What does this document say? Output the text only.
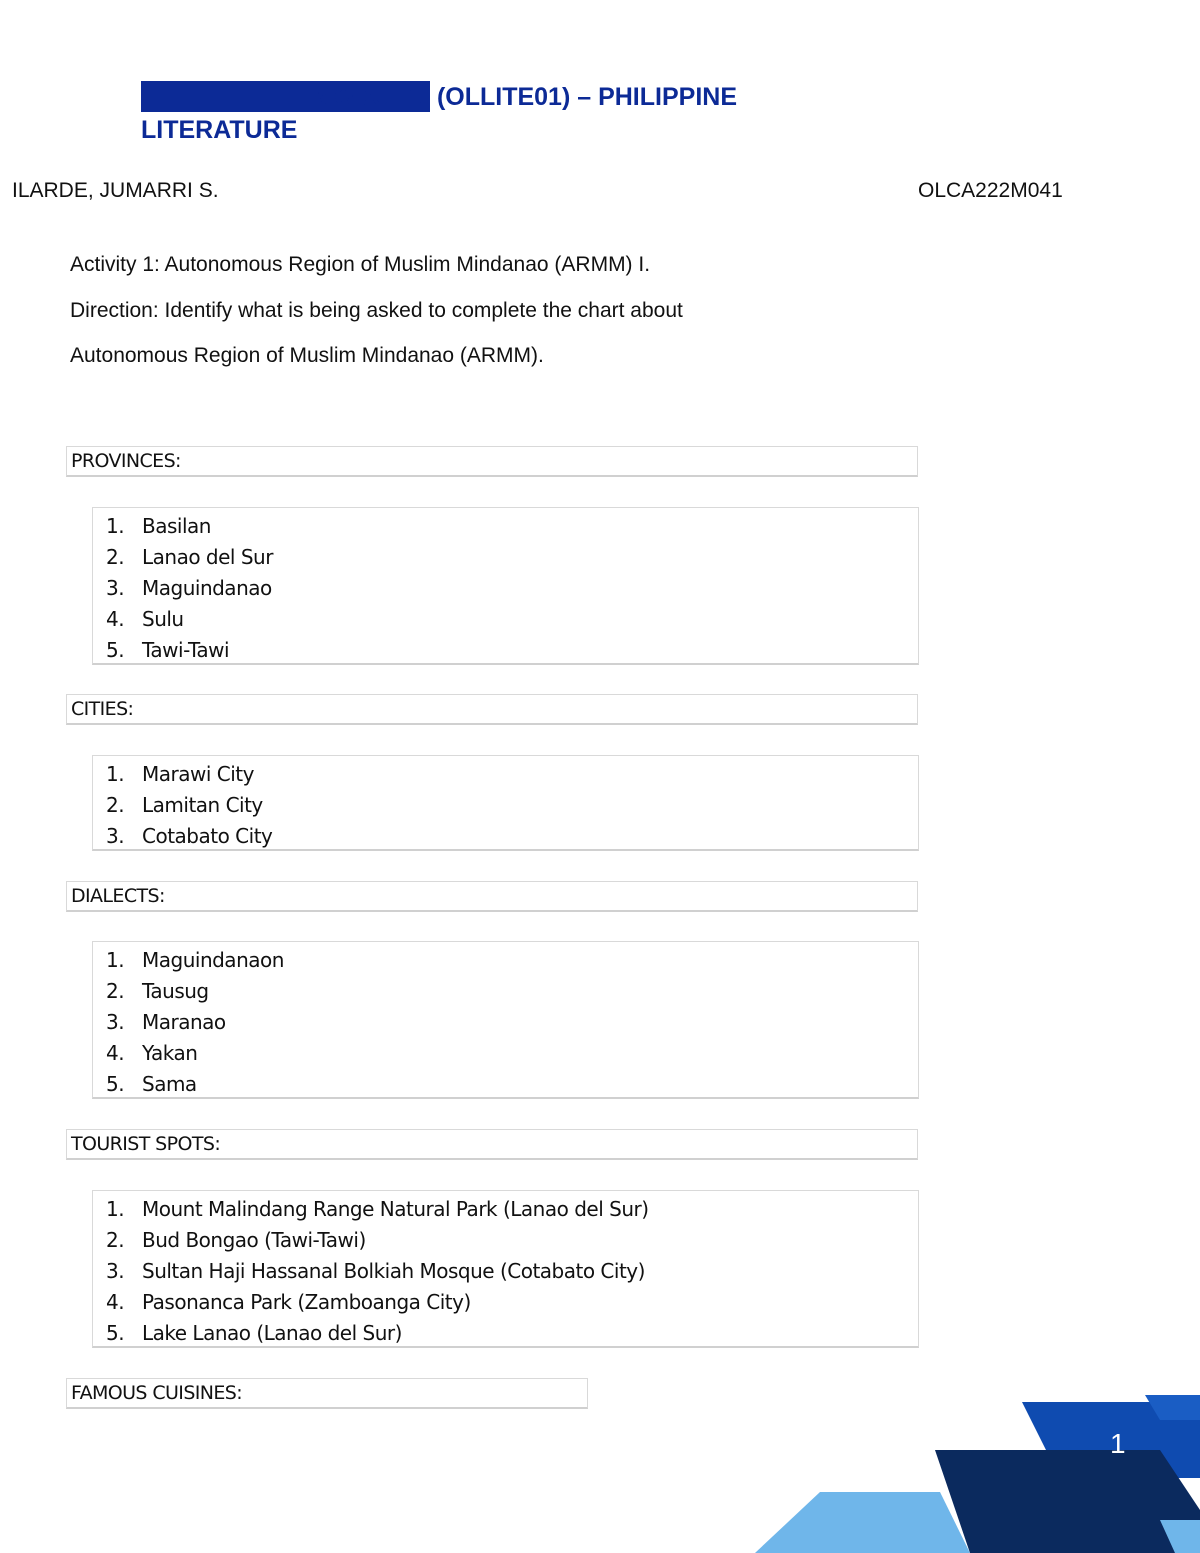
MODULE: (OLLITE01) – PHILIPPINE
LITERATURE
ILARDE, JUMARRI S.	OLCA222M041
Activity 1: Autonomous Region of Muslim Mindanao (ARMM) I.
Direction: Identify what is being asked to complete the chart about
Autonomous Region of Muslim Mindanao (ARMM).
PROVINCES:
1. Basilan
2. Lanao del Sur
3. Maguindanao
4. Sulu
5. Tawi-Tawi
CITIES:
1. Marawi City
2. Lamitan City
3. Cotabato City
DIALECTS:
1. Maguindanaon
2. Tausug
3. Maranao
4. Yakan
5. Sama
TOURIST SPOTS:
1. Mount Malindang Range Natural Park (Lanao del Sur)
2. Bud Bongao (Tawi-Tawi)
3. Sultan Haji Hassanal Bolkiah Mosque (Cotabato City)
4. Pasonanca Park (Zamboanga City)
5. Lake Lanao (Lanao del Sur)
FAMOUS CUISINES:
1
